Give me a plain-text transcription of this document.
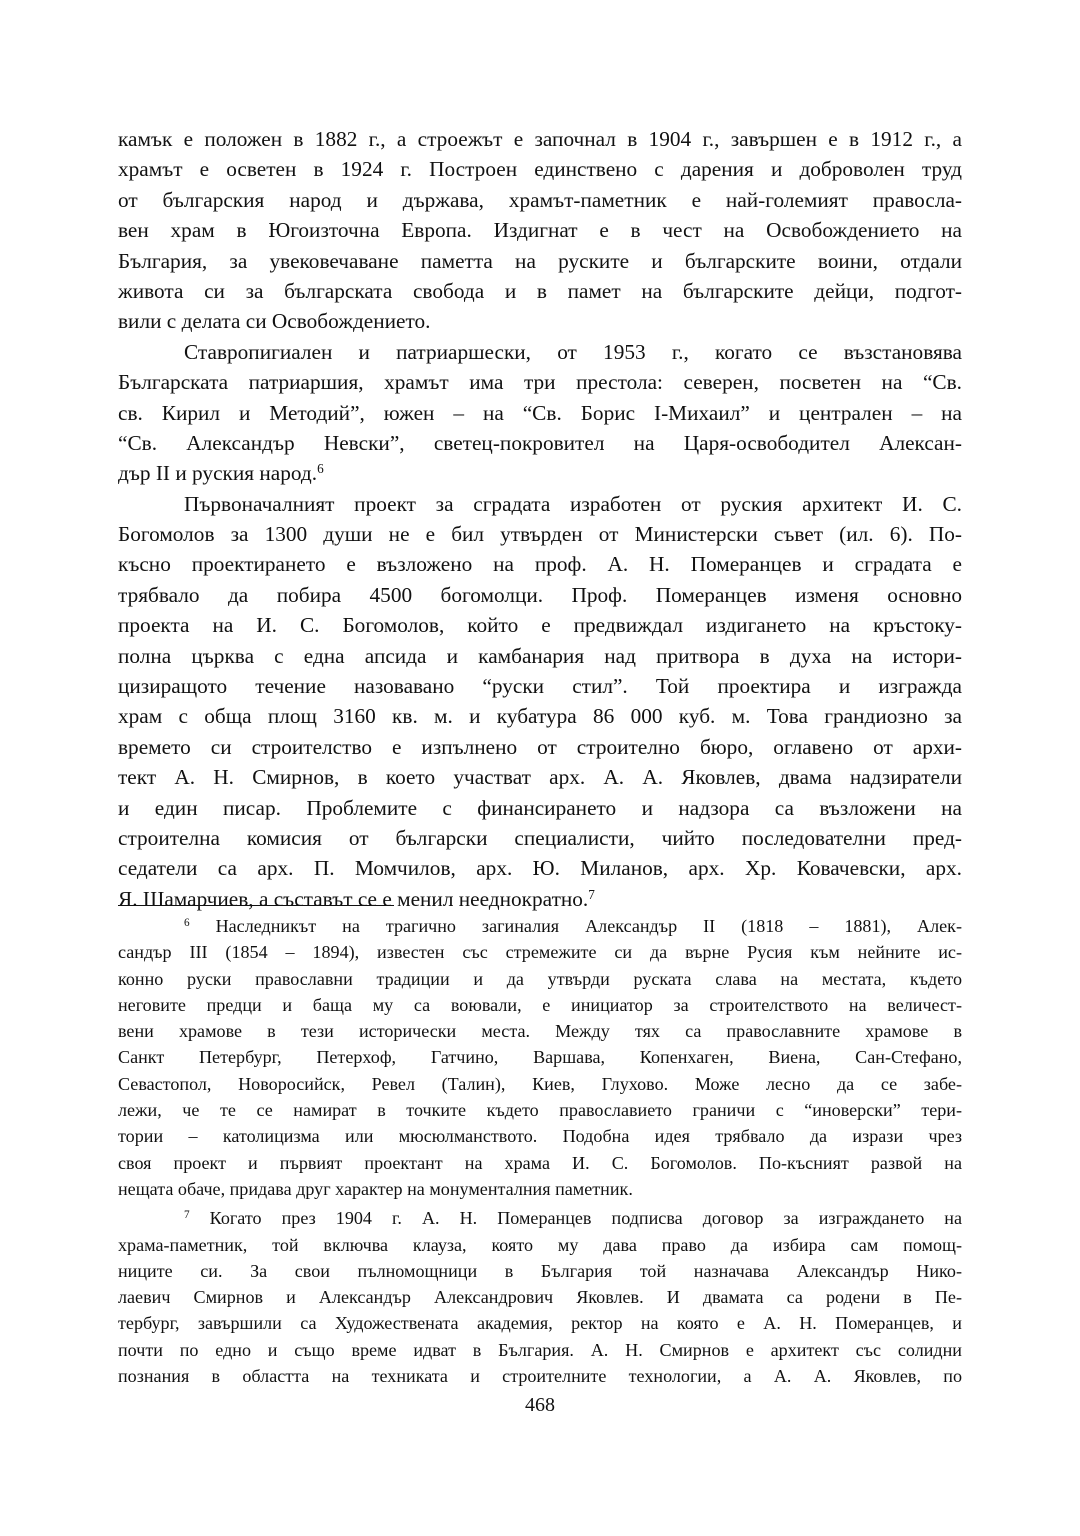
камък е положен в 1882 г., а строежът е започнал в 1904 г., завършен е в 1912 г., а
храмът е осветен в 1924 г. Построен единствено с дарения и доброволен труд
от българския народ и държава, храмът-паметник е най-големият правосла-
вен храм в Югоизточна Европа. Издигнат е в чест на Освобождението на
България, за увековечаване паметта на руските и българските воини, отдали
живота си за българската свобода и в памет на българските дейци, подгот-
вили с делата си Освобождението.
Ставропигиален и патриаршески, от 1953 г., когато се възстановява
Българската патриаршия, храмът има три престола: северен, посветен на “Св.
св. Кирил и Методий”, южен – на “Св. Борис I-Михаил” и централен – на
“Св. Александър Невски”, светец-покровител на Царя-освободител Алексан-
дър II и руския народ.$^6$
Първоначалният проект за сградата изработен от руския архитект И. С.
Богомолов за 1300 души не е бил утвърден от Министерски съвет (ил. 6). По-
късно проектирането е възложено на проф. А. Н. Померанцев и сградата е
трябвало да побира 4500 богомолци. Проф. Померанцев изменя основно
проекта на И. С. Богомолов, който е предвиждал издигането на кръстоку-
полна църква с една апсида и камбанария над притвора в духа на истори-
цизиращото течение назовавано “руски стил”. Той проектира и изгражда
храм с обща площ 3160 кв. м. и кубатура 86 000 куб. м. Това грандиозно за
времето си строителство е изпълнено от строително бюро, оглавено от архи-
тект А. Н. Смирнов, в което участват арх. А. А. Яковлев, двама надзиратели
и един писар. Проблемите с финансирането и надзора са възложени на
строителна комисия от български специалисти, чийто последователни пред-
седатели са арх. П. Момчилов, арх. Ю. Миланов, арх. Хр. Ковачевски, арх.
Я. Шамарчиев, а съставът се е менил нееднократно.$^7$
$^6$ Наследникът на трагично загиналия Александър II (1818 – 1881), Алек-
сандър III (1854 – 1894), известен със стремежите си да върне Русия към нейните ис-
конно руски православни традиции и да утвърди руската слава на местата, където
неговите предци и баща му са воювали, е инициатор за строителството на величест-
вени храмове в тези исторически места. Между тях са православните храмове в
Санкт Петербург, Петерхоф, Гатчино, Варшава, Копенхаген, Виена, Сан-Стефано,
Севастопол, Новоросийск, Ревел (Талин), Киев, Глухово. Може лесно да се забе-
лежи, че те се намират в точките където православието граничи с “иноверски” тери-
тории – католицизма или мюсюлманството. Подобна идея трябвало да изрази чрез
своя проект и първият проектант на храма И. С. Богомолов. По-късният развой на
нещата обаче, придава друг характер на монументалния паметник.
$^7$ Когато през 1904 г. А. Н. Померанцев подписва договор за изграждането на
храма-паметник, той включва клауза, която му дава право да избира сам помощ-
ниците си. За свои пълномощници в България той назначава Александър Нико-
лаевич Смирнов и Александър Александрович Яковлев. И двамата са родени в Пе-
тербург, завършили са Художествената академия, ректор на която е А. Н. Померанцев, и
почти по едно и също време идват в България. А. Н. Смирнов е архитект със солидни
познания в областта на техниката и строителните технологии, а А. А. Яковлев, по
468
